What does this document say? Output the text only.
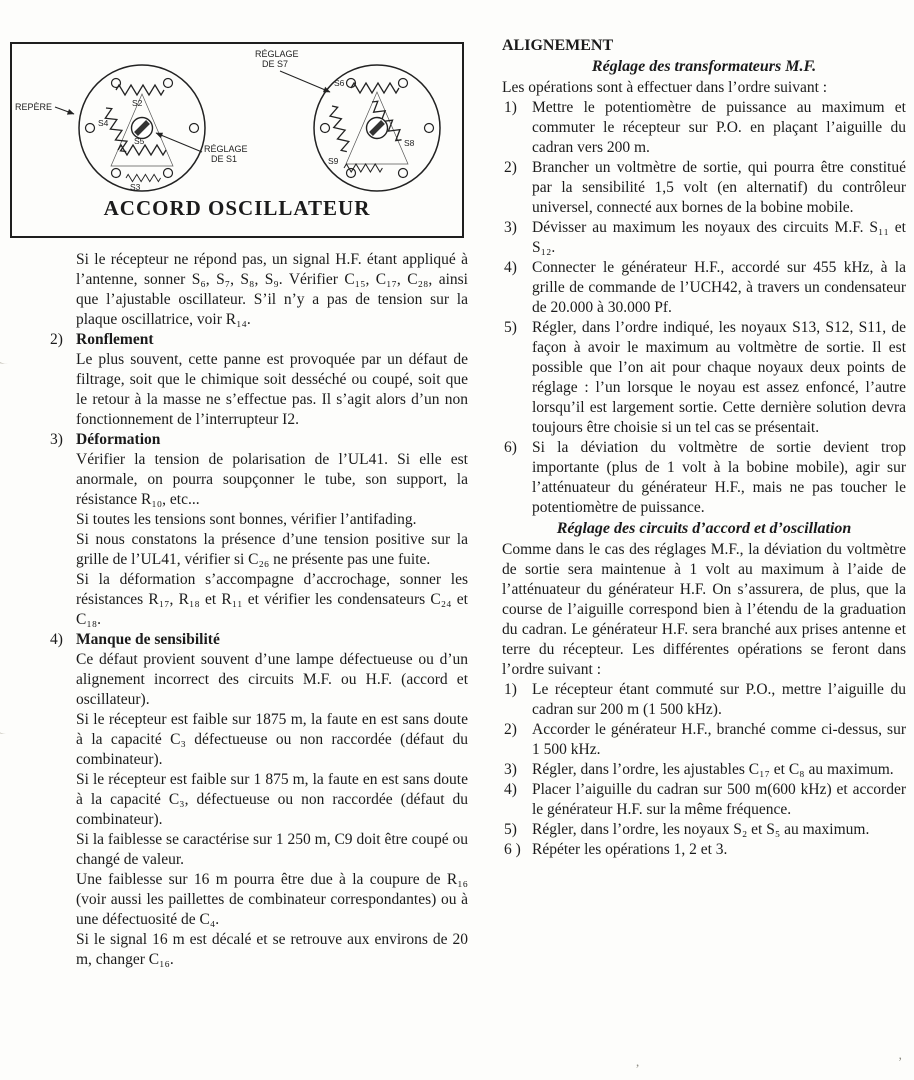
S2
S4
S5
S3
S6
S9
S8
REPÈRE
RÉGLAGE
DE S7
RÉGLAGE
DE S1
ACCORD OSCILLATEUR

Si le récepteur ne répond pas, un signal H.F. étant appliqué à l’antenne, sonner S₆, S₇, S₈, S₉. Vérifier C₁₅, C₁₇, C₂₈, ainsi que l’ajustable oscillateur. S’il n’y a pas de tension sur la plaque oscillatrice, voir R₁₄.

2) Ronflement

Le plus souvent, cette panne est provoquée par un défaut de filtrage, soit que le chimique soit desséché ou coupé, soit que le retour à la masse ne s’effectue pas. Il s’agit alors d’un non fonctionnement de l’interrupteur I2.

3) Déformation

Vérifier la tension de polarisation de l’UL41. Si elle est anormale, on pourra soupçonner le tube, son support, la résistance R₁₀, etc...

Si toutes les tensions sont bonnes, vérifier l’antifading.

Si nous constatons la présence d’une tension positive sur la grille de l’UL41, vérifier si C₂₆ ne présente pas une fuite.

Si la déformation s’accompagne d’accrochage, sonner les résistances R₁₇, R₁₈ et R₁₁ et vérifier les condensateurs C₂₄ et C₁₈.

4) Manque de sensibilité

Ce défaut provient souvent d’une lampe défectueuse ou d’un alignement incorrect des circuits M.F. ou H.F. (accord et oscillateur).

Si le récepteur est faible sur 1875 m, la faute en est sans doute à la capacité C₃ défectueuse ou non raccordée (défaut du combinateur).

Si le récepteur est faible sur 1 875 m, la faute en est sans doute à la capacité C₃, défectueuse ou non raccordée (défaut du combinateur).

Si la faiblesse se caractérise sur 1 250 m, C9 doit être coupé ou changé de valeur.

Une faiblesse sur 16 m pourra être due à la coupure de R₁₆ (voir aussi les paillettes de combinateur correspondantes) ou à une défectuosité de C₄.

Si le signal 16 m est décalé et se retrouve aux environs de 20 m, changer C₁₆.

ALIGNEMENT
Réglage des transformateurs M.F.

Les opérations sont à effectuer dans l’ordre suivant :

1) Mettre le potentiomètre de puissance au maximum et commuter le récepteur sur P.O. en plaçant l’aiguille du cadran vers 200 m.

2) Brancher un voltmètre de sortie, qui pourra être constitué par la sensibilité 1,5 volt (en alternatif) du contrôleur universel, connecté aux bornes de la bobine mobile.

3) Dévisser au maximum les noyaux des circuits M.F. S₁₁ et S₁₂.

4) Connecter le générateur H.F., accordé sur 455 kHz, à la grille de commande de l’UCH42, à travers un condensateur de 20.000 à 30.000 Pf.

5) Régler, dans l’ordre indiqué, les noyaux S13, S12, S11, de façon à avoir le maximum au voltmètre de sortie. Il est possible que l’on ait pour chaque noyaux deux points de réglage : l’un lorsque le noyau est assez enfoncé, l’autre lorsqu’il est largement sortie. Cette dernière solution devra toujours être choisie si un tel cas se présentait.

6) Si la déviation du voltmètre de sortie devient trop importante (plus de 1 volt à la bobine mobile), agir sur l’atténuateur du générateur H.F., mais ne pas toucher le potentiomètre de puissance.

Réglage des circuits d’accord et d’oscillation

Comme dans le cas des réglages M.F., la déviation du voltmètre de sortie sera maintenue à 1 volt au maximum à l’aide de l’atténuateur du générateur H.F. On s’assurera, de plus, que la course de l’aiguille correspond bien à l’étendu de la graduation du cadran. Le générateur H.F. sera branché aux prises antenne et terre du récepteur. Les différentes opérations se feront dans l’ordre suivant :

1) Le récepteur étant commuté sur P.O., mettre l’aiguille du cadran sur 200 m (1 500 kHz).

2) Accorder le générateur H.F., branché comme ci-dessus, sur 1 500 kHz.

3) Régler, dans l’ordre, les ajustables C₁₇ et C₈ au maximum.

4) Placer l’aiguille du cadran sur 500 m(600 kHz) et accorder le générateur H.F. sur la même fréquence.

5) Régler, dans l’ordre, les noyaux S₂ et S₅ au maximum.

6 ) Répéter les opérations 1, 2 et 3.

,	’
